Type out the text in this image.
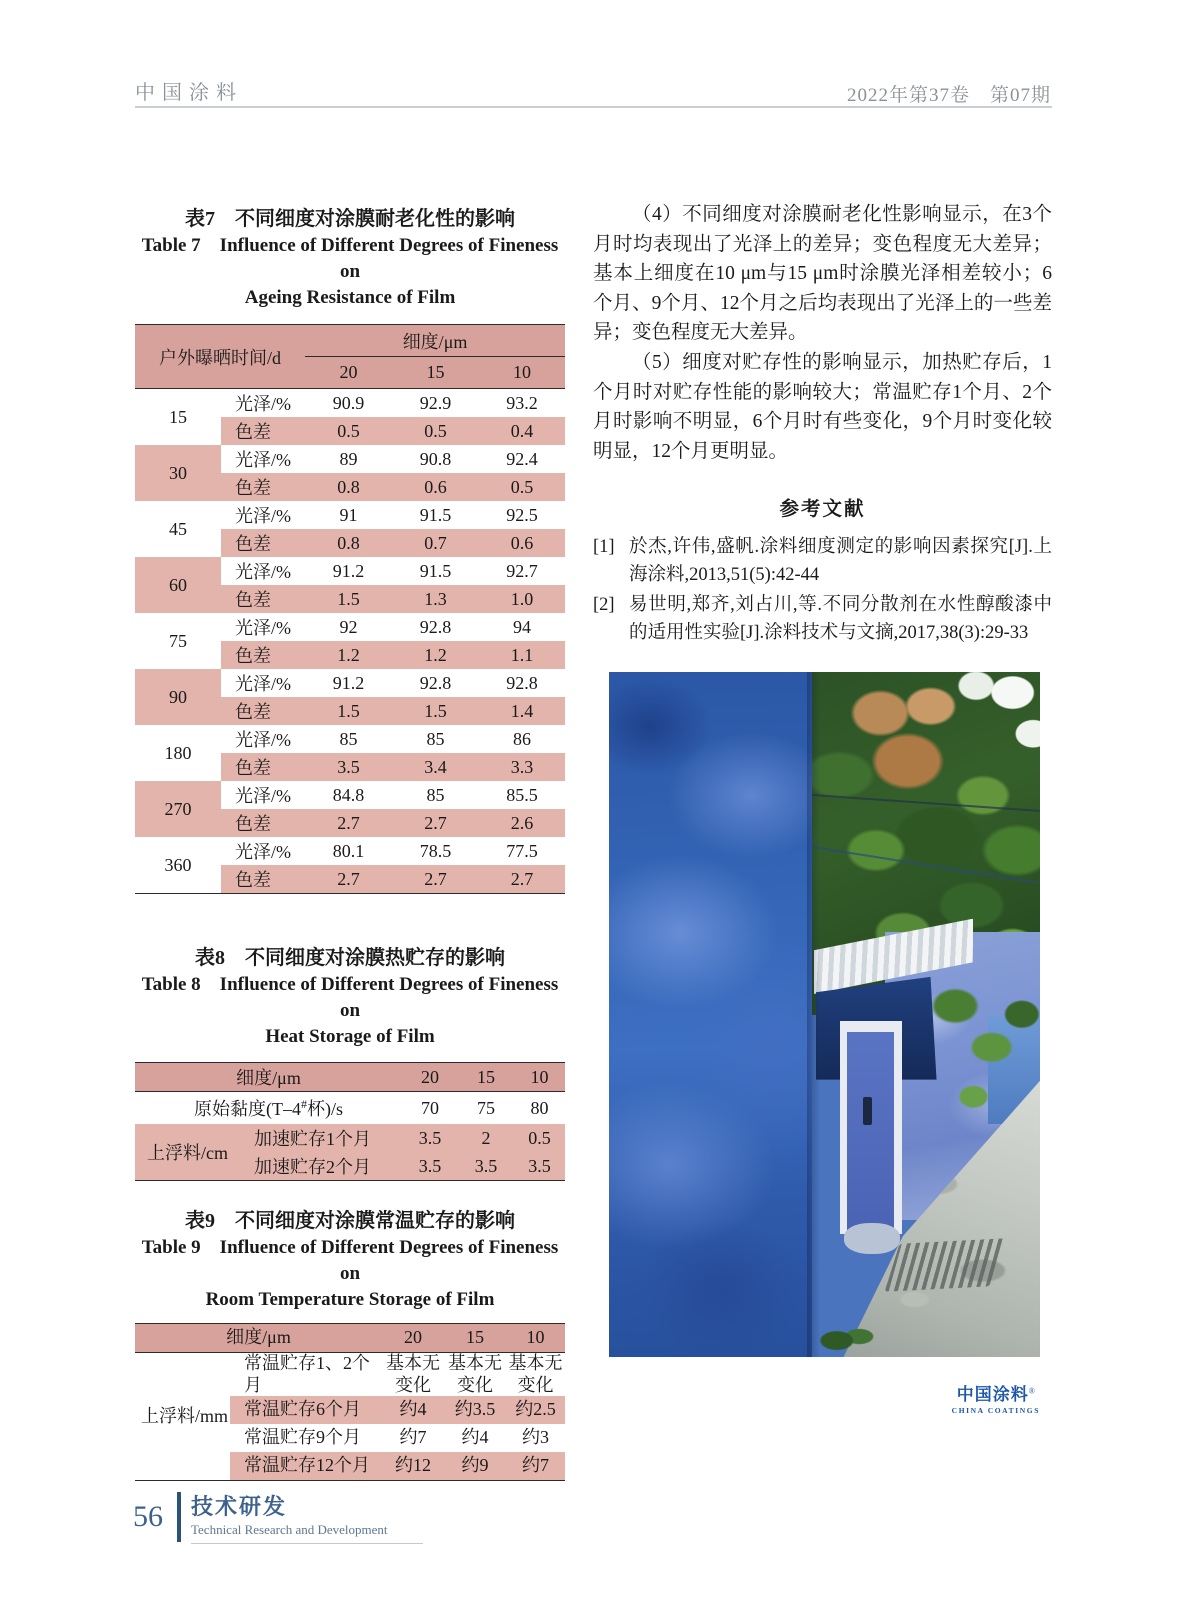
中国涂料	2022年第37卷　第07期
表7　不同细度对涂膜耐老化性的影响
Table 7　Influence of Different Degrees of Fineness on
Ageing Resistance of Film
户外曝晒时间/d		细度/μm		
		20	15	10
15	光泽/%	90.9	92.9	93.2
	色差	0.5	0.5	0.4
30	光泽/%	89	90.8	92.4
	色差	0.8	0.6	0.5
45	光泽/%	91	91.5	92.5
	色差	0.8	0.7	0.6
60	光泽/%	91.2	91.5	92.7
	色差	1.5	1.3	1.0
75	光泽/%	92	92.8	94
	色差	1.2	1.2	1.1
90	光泽/%	91.2	92.8	92.8
	色差	1.5	1.5	1.4
180	光泽/%	85	85	86
	色差	3.5	3.4	3.3
270	光泽/%	84.8	85	85.5
	色差	2.7	2.7	2.6
360	光泽/%	80.1	78.5	77.5
	色差	2.7	2.7	2.7
表8　不同细度对涂膜热贮存的影响
Table 8　Influence of Different Degrees of Fineness on
Heat Storage of Film
细度/μm		20	15	10
原始黏度(T–4#杯)/s		70	75	80
上浮料/cm	加速贮存1个月	3.5	2	0.5
	加速贮存2个月	3.5	3.5	3.5
表9　不同细度对涂膜常温贮存的影响
Table 9　Influence of Different Degrees of Fineness on
Room Temperature Storage of Film
细度/μm		20	15	10
上浮料/mm	常温贮存1、2个月	基本无变化	基本无变化	基本无变化
	常温贮存6个月	约4	约3.5	约2.5
	常温贮存9个月	约7	约4	约3
	常温贮存12个月	约12	约9	约7

（4）不同细度对涂膜耐老化性影响显示，在3个月时均表现出了光泽上的差异；变色程度无大差异；基本上细度在10 μm与15 μm时涂膜光泽相差较小；6个月、9个月、12个月之后均表现出了光泽上的一些差异；变色程度无大差异。

（5）细度对贮存性的影响显示，加热贮存后，1个月时对贮存性能的影响较大；常温贮存1个月、2个月时影响不明显，6个月时有些变化，9个月时变化较明显，12个月更明显。

参考文献
[1] 於杰,许伟,盛帆.涂料细度测定的影响因素探究[J].上海涂料,2013,51(5):42-44
[2] 易世明,郑齐,刘占川,等.不同分散剂在水性醇酸漆中的适用性实验[J].涂料技术与文摘,2017,38(3):29-33
中国涂料®
CHINA COATINGS
56 技术研发
Technical Research and Development
